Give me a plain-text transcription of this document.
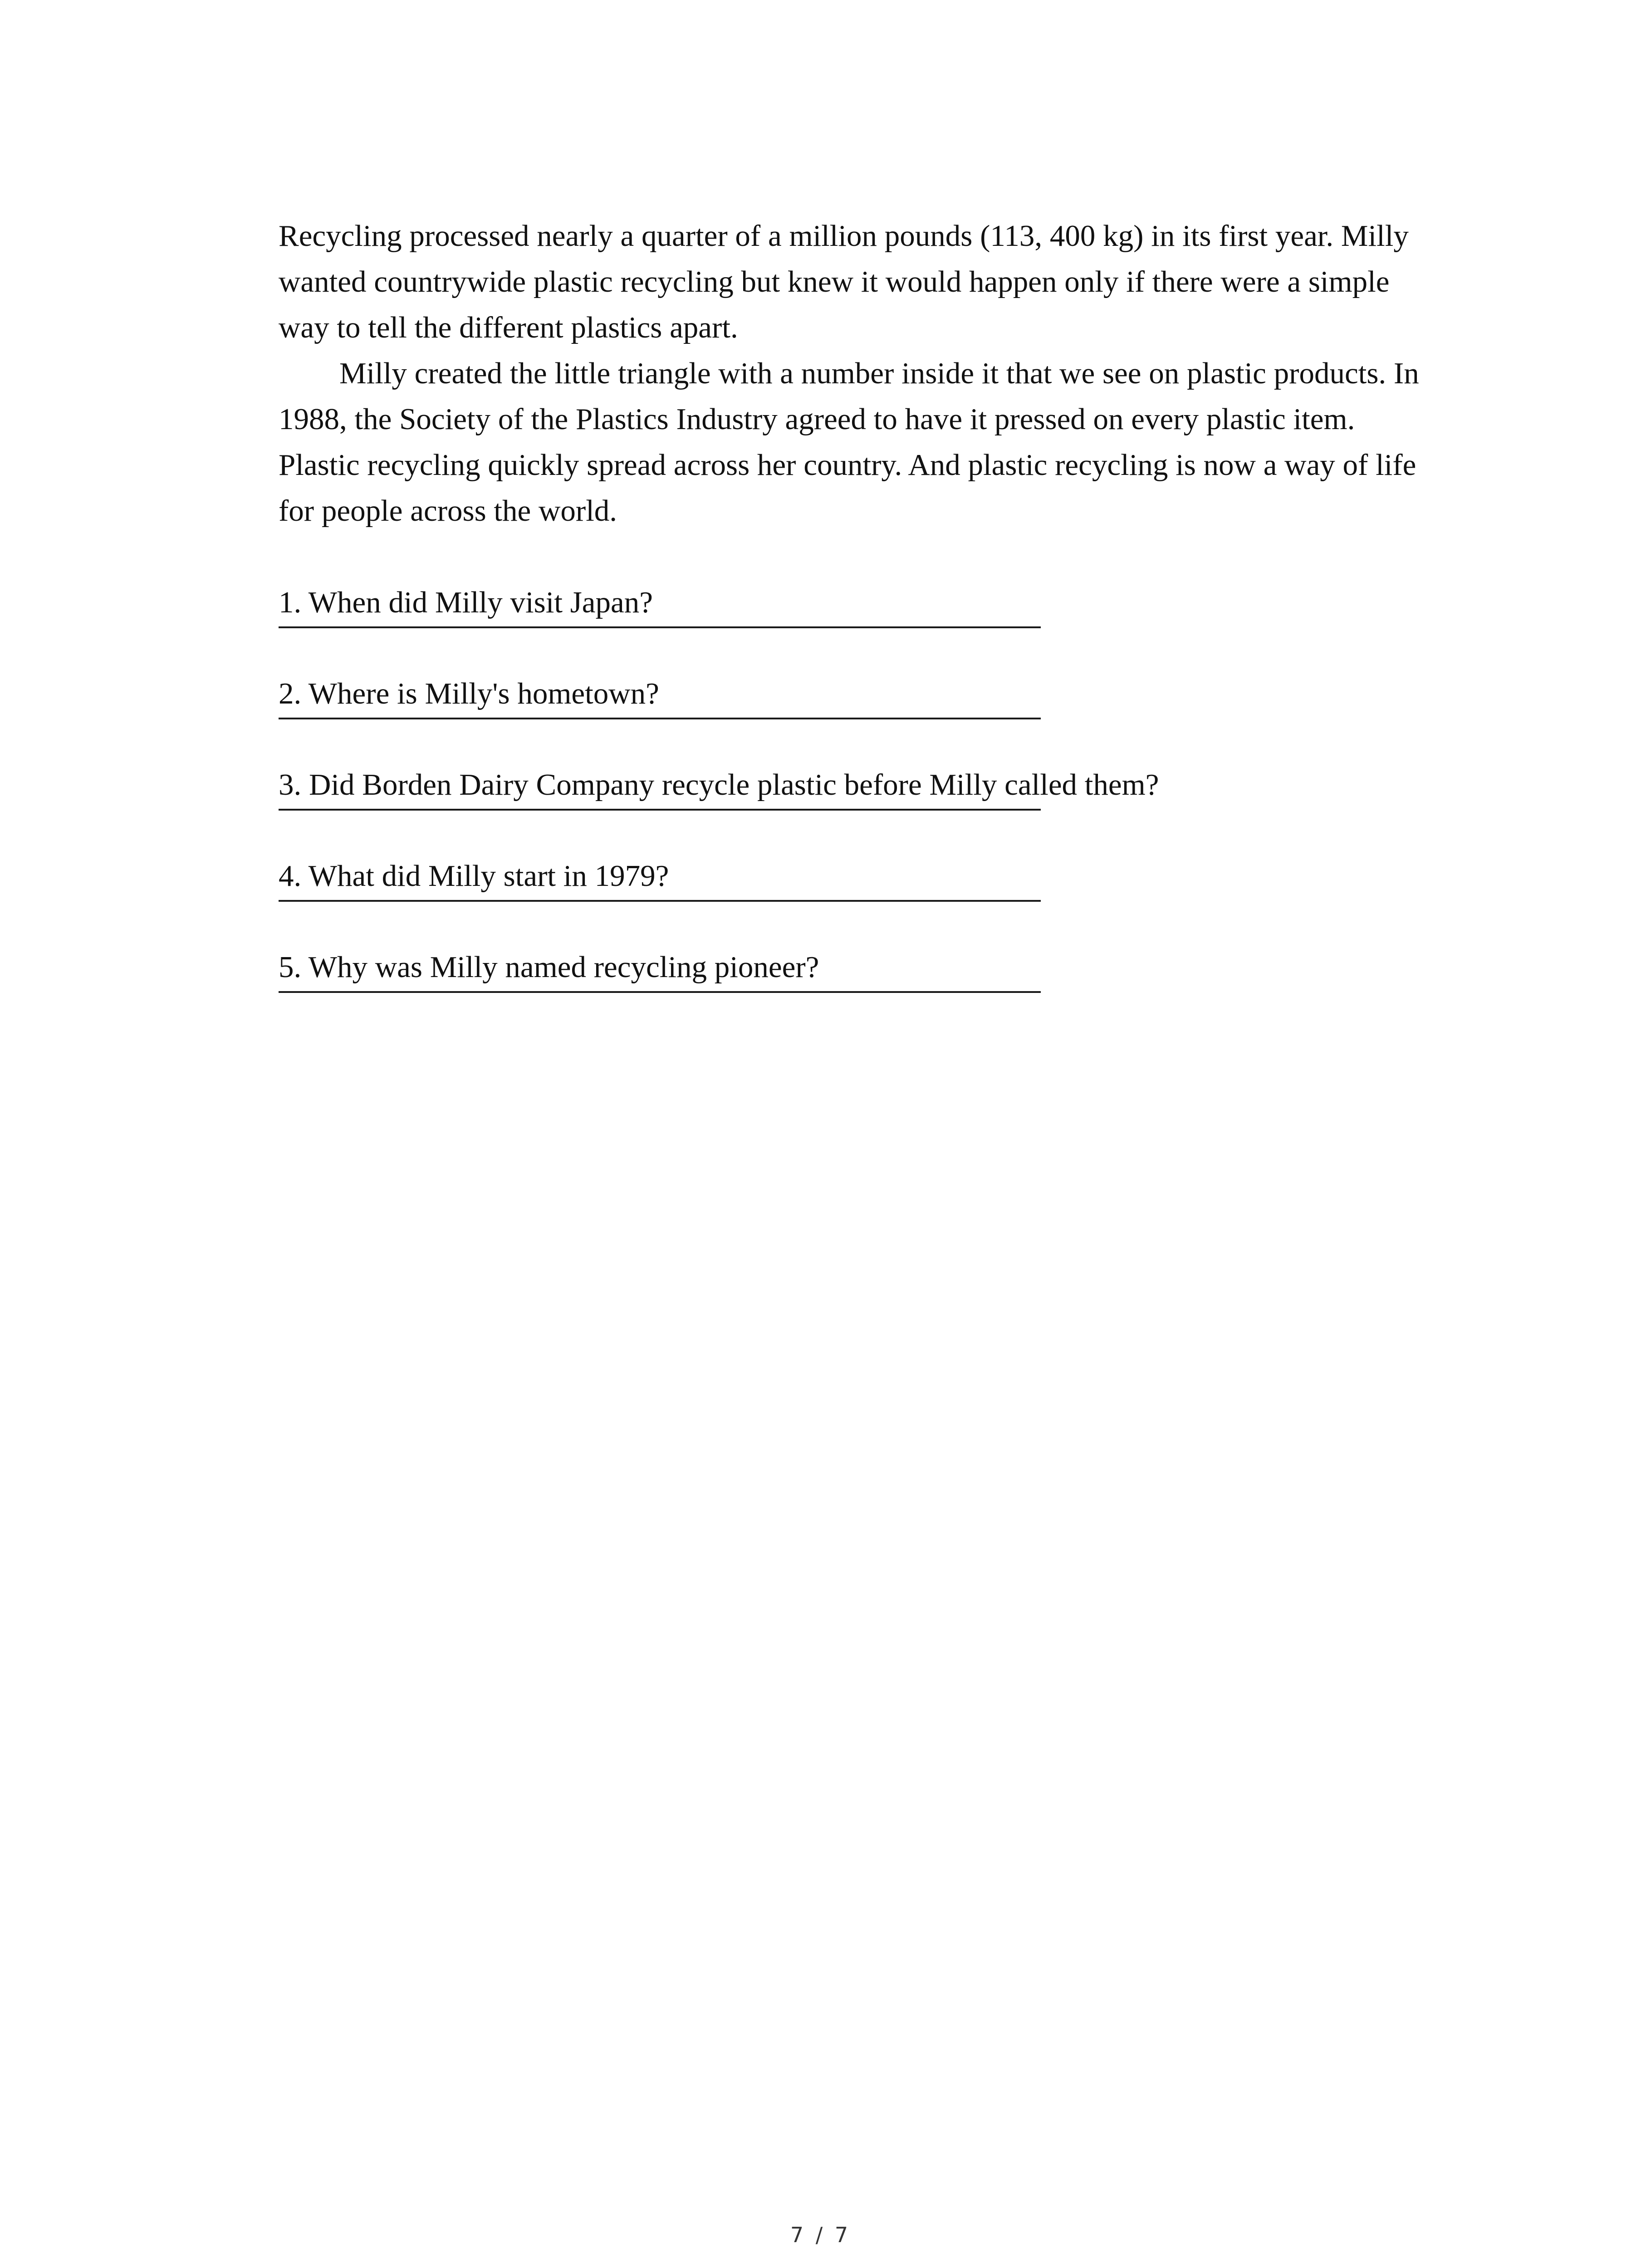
Recycling processed nearly a quarter of a million pounds (113, 400 kg) in its first year. Milly wanted countrywide plastic recycling but knew it would happen only if there were a simple way to tell the different plastics apart.

Milly created the little triangle with a number inside it that we see on plastic products. In 1988, the Society of the Plastics Industry agreed to have it pressed on every plastic item. Plastic recycling quickly spread across her country. And plastic recycling is now a way of life for people across the world.

1. When did Milly visit Japan?
2. Where is Milly's hometown?
3. Did Borden Dairy Company recycle plastic before Milly called them?
4. What did Milly start in 1979?
5. Why was Milly named recycling pioneer?
7 / 7
